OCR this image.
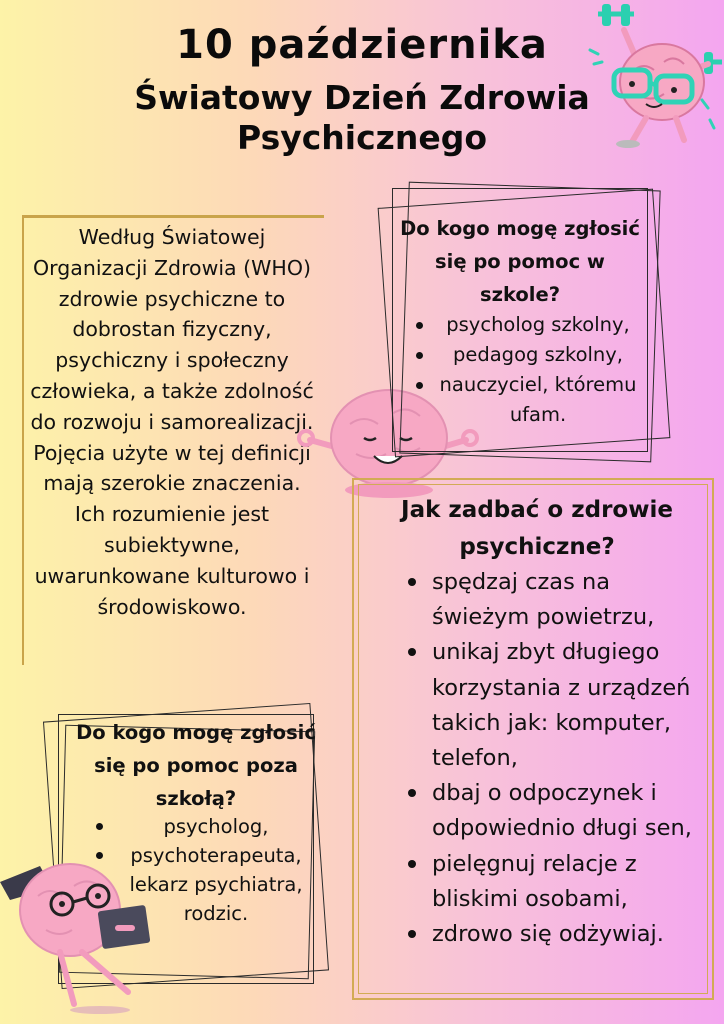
10 października
Światowy Dzień Zdrowia
Psychicznego

Według Światowej Organizacji Zdrowia (WHO) zdrowie psychiczne to dobrostan fizyczny, psychiczny i społeczny człowieka, a także zdolność do rozwoju i samorealizacji. Pojęcia użyte w tej definicji mają szerokie znaczenia. Ich rozumienie jest subiektywne, uwarunkowane kulturowo i środowiskowo.

Do kogo mogę zgłosić się po pomoc w szkole?

psycholog szkolny,
pedagog szkolny,
nauczyciel, któremu ufam.

Jak zadbać o zdrowie psychiczne?

spędzaj czas na świeżym powietrzu,
unikaj zbyt długiego korzystania z urządzeń takich jak: komputer, telefon,
dbaj o odpoczynek i odpowiednio długi sen,
pielęgnuj relacje z bliskimi osobami,
zdrowo się odżywiaj.

Do kogo mogę zgłosić się po pomoc poza szkołą?

psycholog,
psychoterapeuta,
lekarz psychiatra,
rodzic.
